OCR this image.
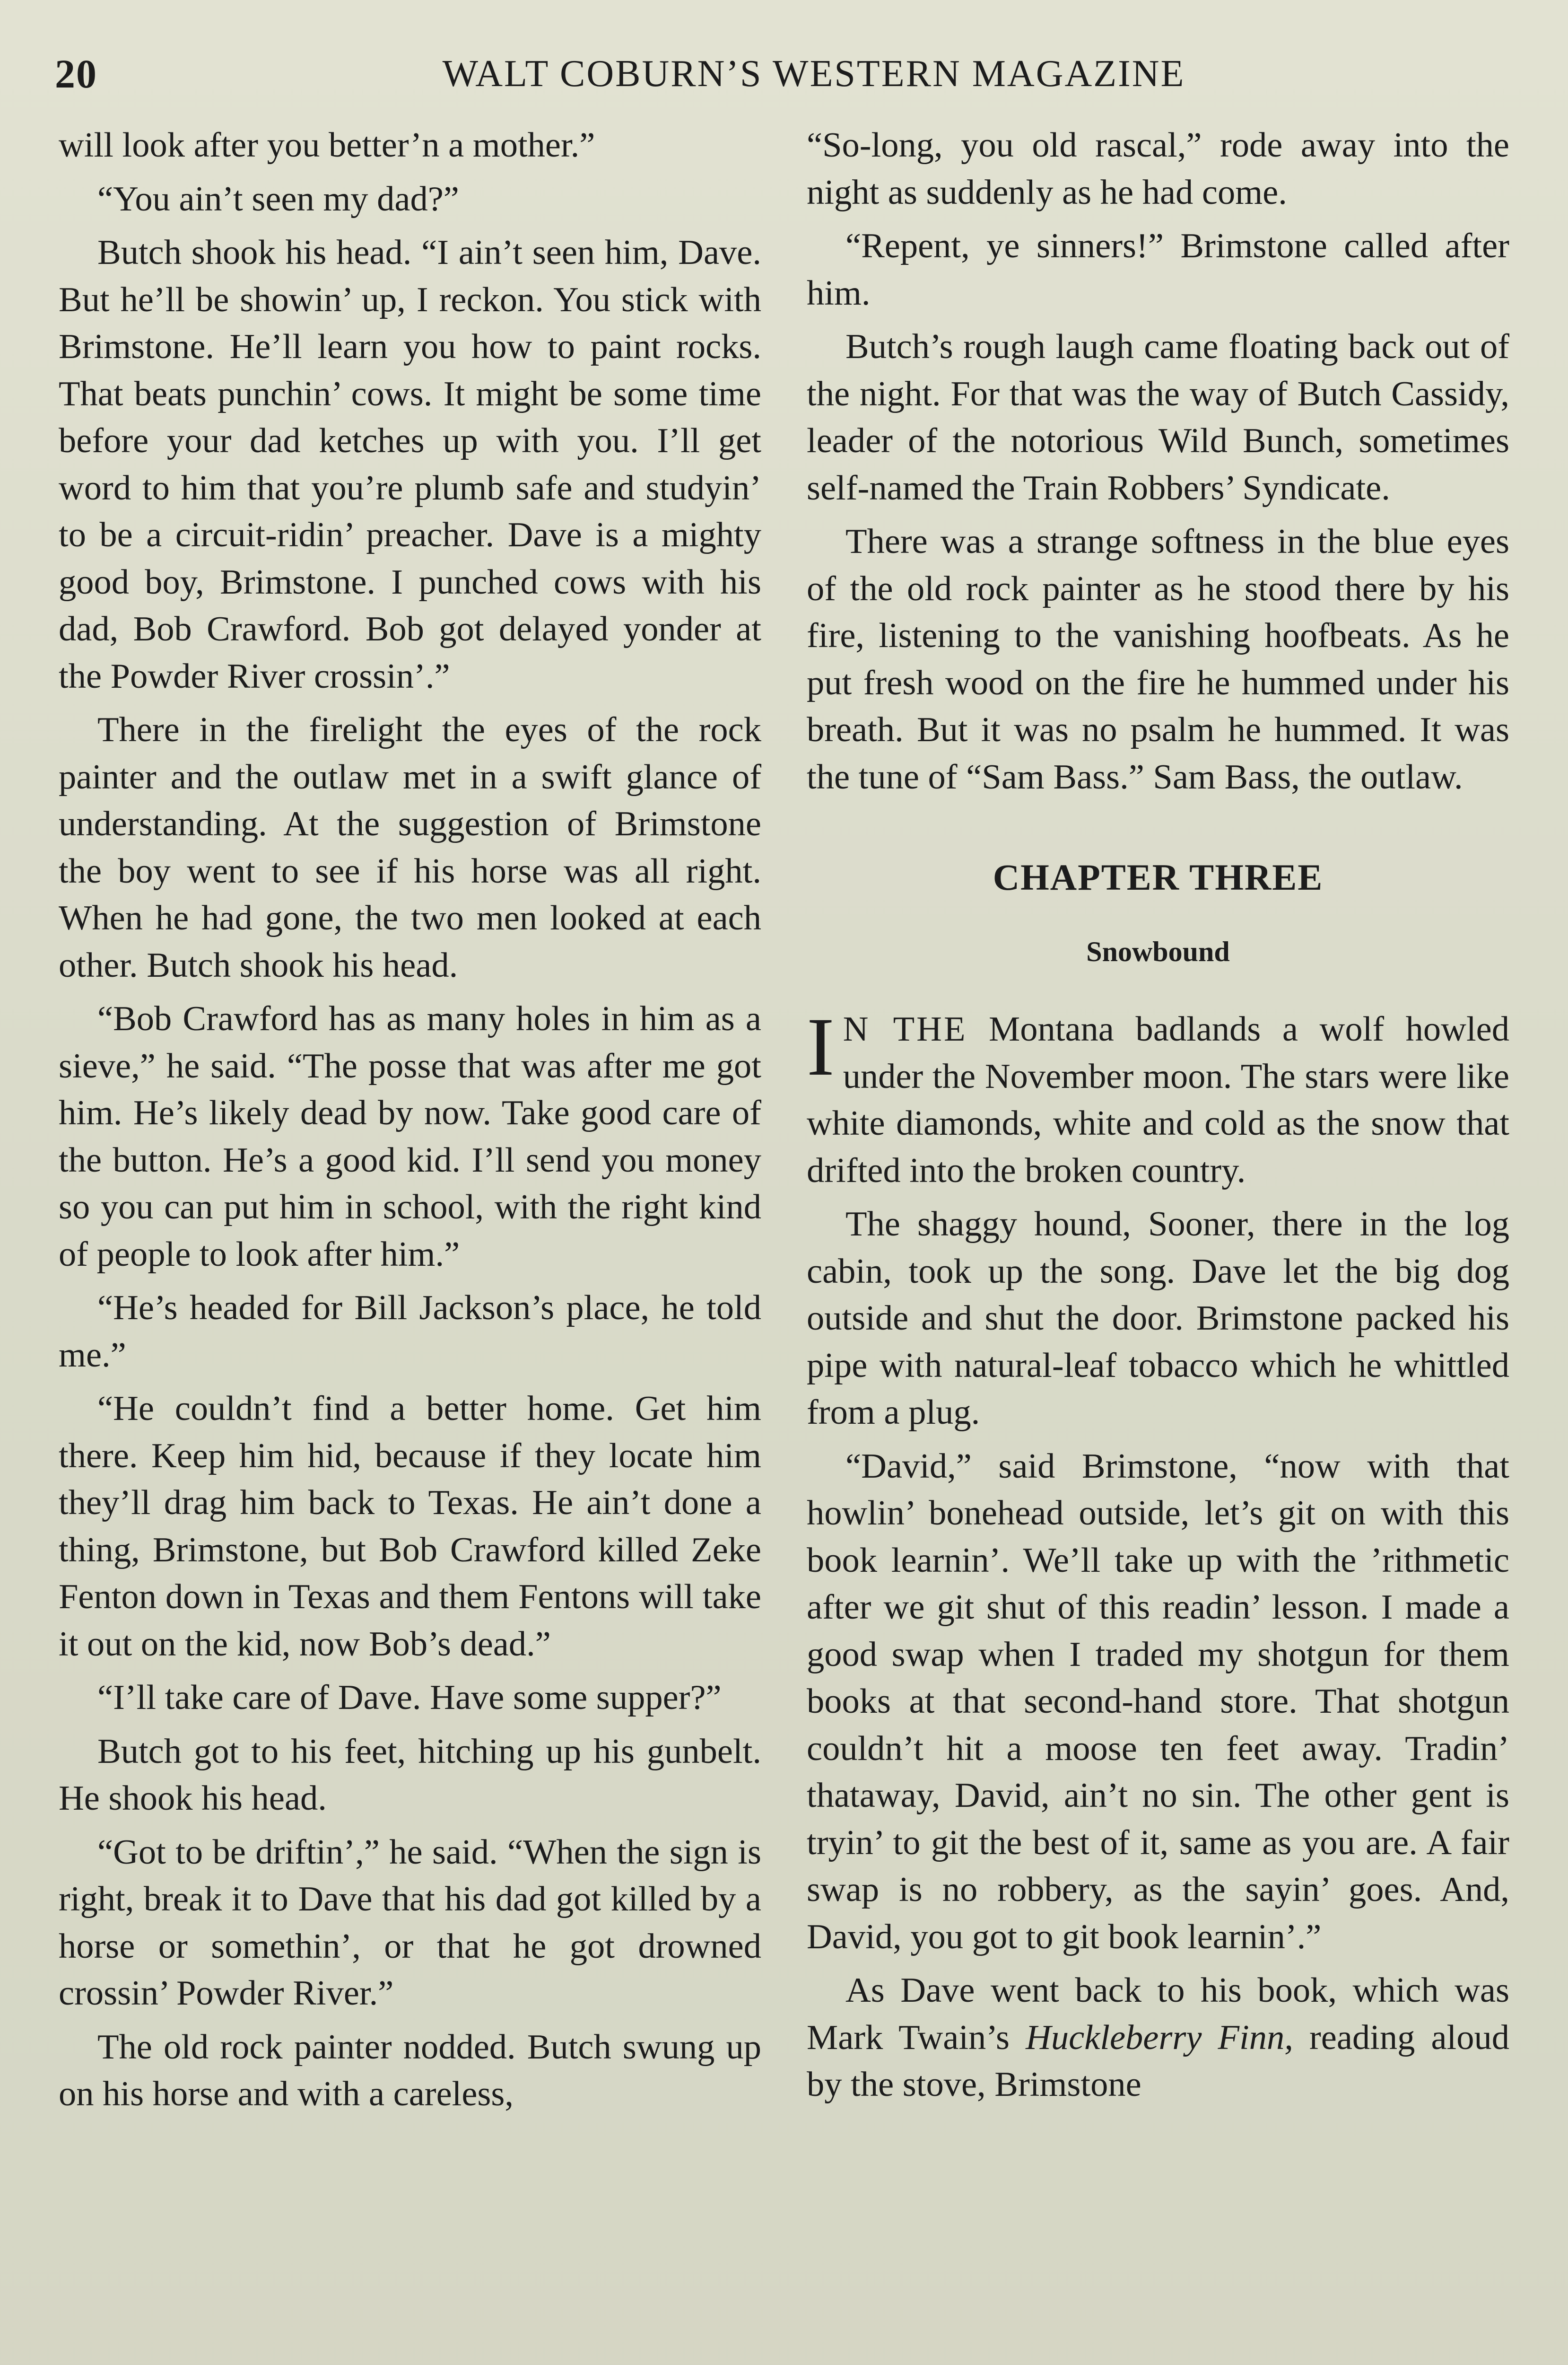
20	WALT COBURN’S WESTERN MAGAZINE

will look after you better’n a mother.”

“You ain’t seen my dad?”

Butch shook his head. “I ain’t seen him, Dave. But he’ll be showin’ up, I reckon. You stick with Brimstone. He’ll learn you how to paint rocks. That beats punchin’ cows. It might be some time before your dad ketches up with you. I’ll get word to him that you’re plumb safe and studyin’ to be a circuit-ridin’ preacher. Dave is a mighty good boy, Brimstone. I punched cows with his dad, Bob Crawford. Bob got delayed yonder at the Powder River crossin’.”

There in the firelight the eyes of the rock painter and the outlaw met in a swift glance of understanding. At the suggestion of Brimstone the boy went to see if his horse was all right. When he had gone, the two men looked at each other. Butch shook his head.

“Bob Crawford has as many holes in him as a sieve,” he said. “The posse that was after me got him. He’s likely dead by now. Take good care of the button. He’s a good kid. I’ll send you money so you can put him in school, with the right kind of people to look after him.”

“He’s headed for Bill Jackson’s place, he told me.”

“He couldn’t find a better home. Get him there. Keep him hid, because if they locate him they’ll drag him back to Texas. He ain’t done a thing, Brimstone, but Bob Crawford killed Zeke Fenton down in Texas and them Fentons will take it out on the kid, now Bob’s dead.”

“I’ll take care of Dave. Have some supper?”

Butch got to his feet, hitching up his gunbelt. He shook his head.

“Got to be driftin’,” he said. “When the sign is right, break it to Dave that his dad got killed by a horse or somethin’, or that he got drowned crossin’ Powder River.”

The old rock painter nodded. Butch swung up on his horse and with a careless,

“So-long, you old rascal,” rode away into the night as suddenly as he had come.

“Repent, ye sinners!” Brimstone called after him.

Butch’s rough laugh came floating back out of the night. For that was the way of Butch Cassidy, leader of the notorious Wild Bunch, sometimes self-named the Train Robbers’ Syndicate.

There was a strange softness in the blue eyes of the old rock painter as he stood there by his fire, listening to the vanishing hoofbeats. As he put fresh wood on the fire he hummed under his breath. But it was no psalm he hummed. It was the tune of “Sam Bass.” Sam Bass, the outlaw.

CHAPTER THREE
Snowbound

I N THE Montana badlands a wolf howled under the November moon. The stars were like white diamonds, white and cold as the snow that drifted into the broken country.

The shaggy hound, Sooner, there in the log cabin, took up the song. Dave let the big dog outside and shut the door. Brimstone packed his pipe with natural-leaf tobacco which he whittled from a plug.

“David,” said Brimstone, “now with that howlin’ bonehead outside, let’s git on with this book learnin’. We’ll take up with the ’rithmetic after we git shut of this readin’ lesson. I made a good swap when I traded my shotgun for them books at that second-hand store. That shotgun couldn’t hit a moose ten feet away. Tradin’ thataway, David, ain’t no sin. The other gent is tryin’ to git the best of it, same as you are. A fair swap is no robbery, as the sayin’ goes. And, David, you got to git book learnin’.”

As Dave went back to his book, which was Mark Twain’s Huckleberry Finn, reading aloud by the stove, Brimstone
